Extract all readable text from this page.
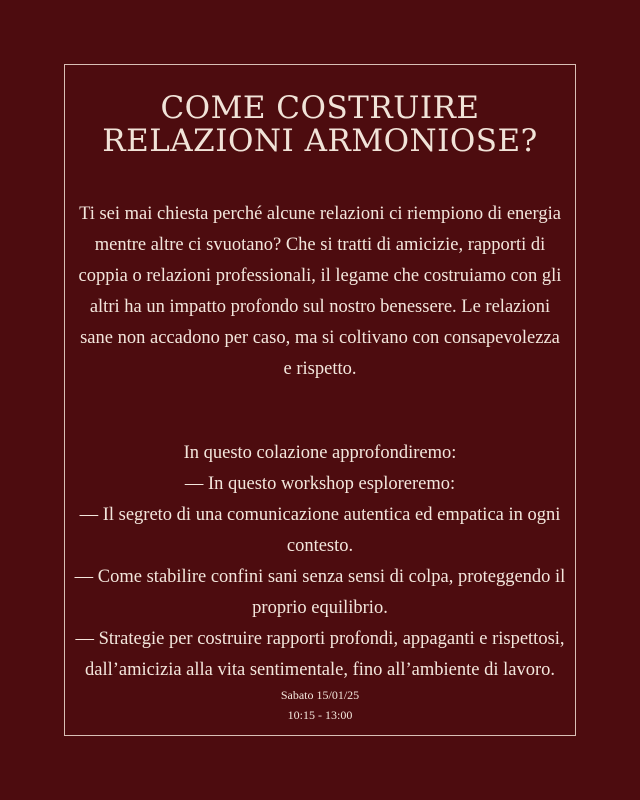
COME COSTRUIRE
RELAZIONI ARMONIOSE?

Ti sei mai chiesta perché alcune relazioni ci riempiono di energia mentre altre ci svuotano? Che si tratti di amicizie, rapporti di coppia o relazioni professionali, il legame che costruiamo con gli altri ha un impatto profondo sul nostro benessere. Le relazioni sane non accadono per caso, ma si coltivano con consapevolezza e rispetto.

In questo colazione approfondiremo:
— In questo workshop esploreremo:
— Il segreto di una comunicazione autentica ed empatica in ogni contesto.
— Come stabilire confini sani senza sensi di colpa, proteggendo il proprio equilibrio.
— Strategie per costruire rapporti profondi, appaganti e rispettosi, dall’amicizia alla vita sentimentale, fino all’ambiente di lavoro.
Sabato 15/01/25
10:15 - 13:00
